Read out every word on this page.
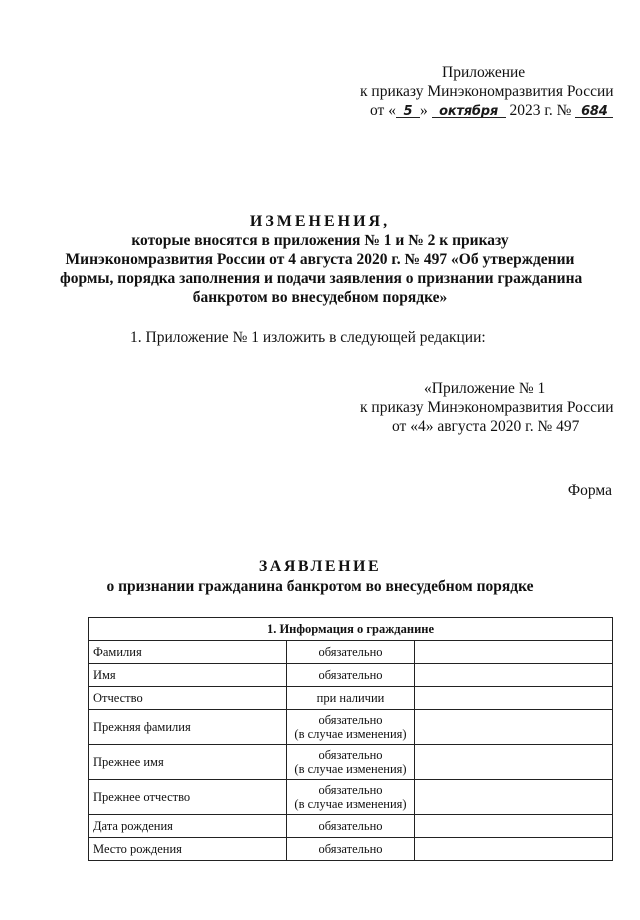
Приложение
к приказу Минэкономразвития России
от « 5 » октября 2023 г. № 684
ИЗМЕНЕНИЯ,
которые вносятся в приложения № 1 и № 2 к приказу
Минэкономразвития России от 4 августа 2020 г. № 497 «Об утверждении
формы, порядка заполнения и подачи заявления о признании гражданина
банкротом во внесудебном порядке»
1. Приложение № 1 изложить в следующей редакции:
«Приложение № 1
к приказу Минэкономразвития России
от «4» августа 2020 г. № 497
Форма
ЗАЯВЛЕНИЕ
о признании гражданина банкротом во внесудебном порядке
1. Информация о гражданине		
Фамилия	обязательно	
Имя	обязательно	
Отчество	при наличии	
Прежняя фамилия	обязательно
(в случае изменения)	

Прежнее имя	обязательно
(в случае изменения)	

Прежнее отчество	обязательно
(в случае изменения)	

Дата рождения	обязательно	
Место рождения	обязательно	
